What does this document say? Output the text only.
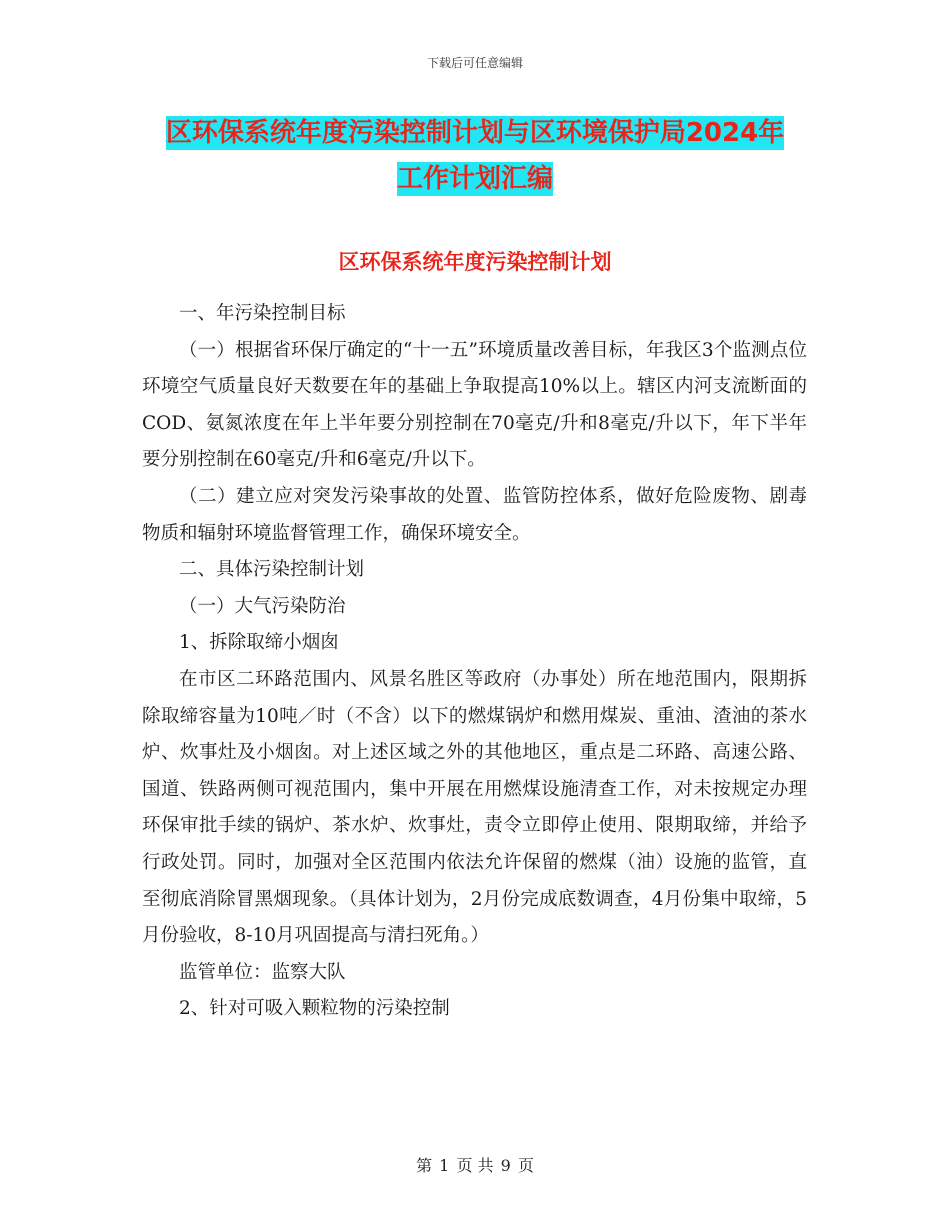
下载后可任意编辑
区环保系统年度污染控制计划与区环境保护局2024年
工作计划汇编
区环保系统年度污染控制计划

一、年污染控制目标

（一）根据省环保厅确定的“十一五”环境质量改善目标，年我区3个监测点位环境空气质量良好天数要在年的基础上争取提高10%以上。辖区内河支流断面的COD、氨氮浓度在年上半年要分别控制在70毫克/升和8毫克/升以下，年下半年要分别控制在60毫克/升和6毫克/升以下。

（二）建立应对突发污染事故的处置、监管防控体系，做好危险废物、剧毒物质和辐射环境监督管理工作，确保环境安全。

二、具体污染控制计划

（一）大气污染防治

1、拆除取缔小烟囱

在市区二环路范围内、风景名胜区等政府（办事处）所在地范围内，限期拆除取缔容量为10吨／时（不含）以下的燃煤锅炉和燃用煤炭、重油、渣油的茶水炉、炊事灶及小烟囱。对上述区域之外的其他地区，重点是二环路、高速公路、国道、铁路两侧可视范围内，集中开展在用燃煤设施清查工作，对未按规定办理环保审批手续的锅炉、茶水炉、炊事灶，责令立即停止使用、限期取缔，并给予行政处罚。同时，加强对全区范围内依法允许保留的燃煤（油）设施的监管，直至彻底消除冒黑烟现象。（具体计划为，2月份完成底数调查，4月份集中取缔，5月份验收，8-10月巩固提高与清扫死角。）

监管单位：监察大队

2、针对可吸入颗粒物的污染控制

第 1 页 共 9 页
